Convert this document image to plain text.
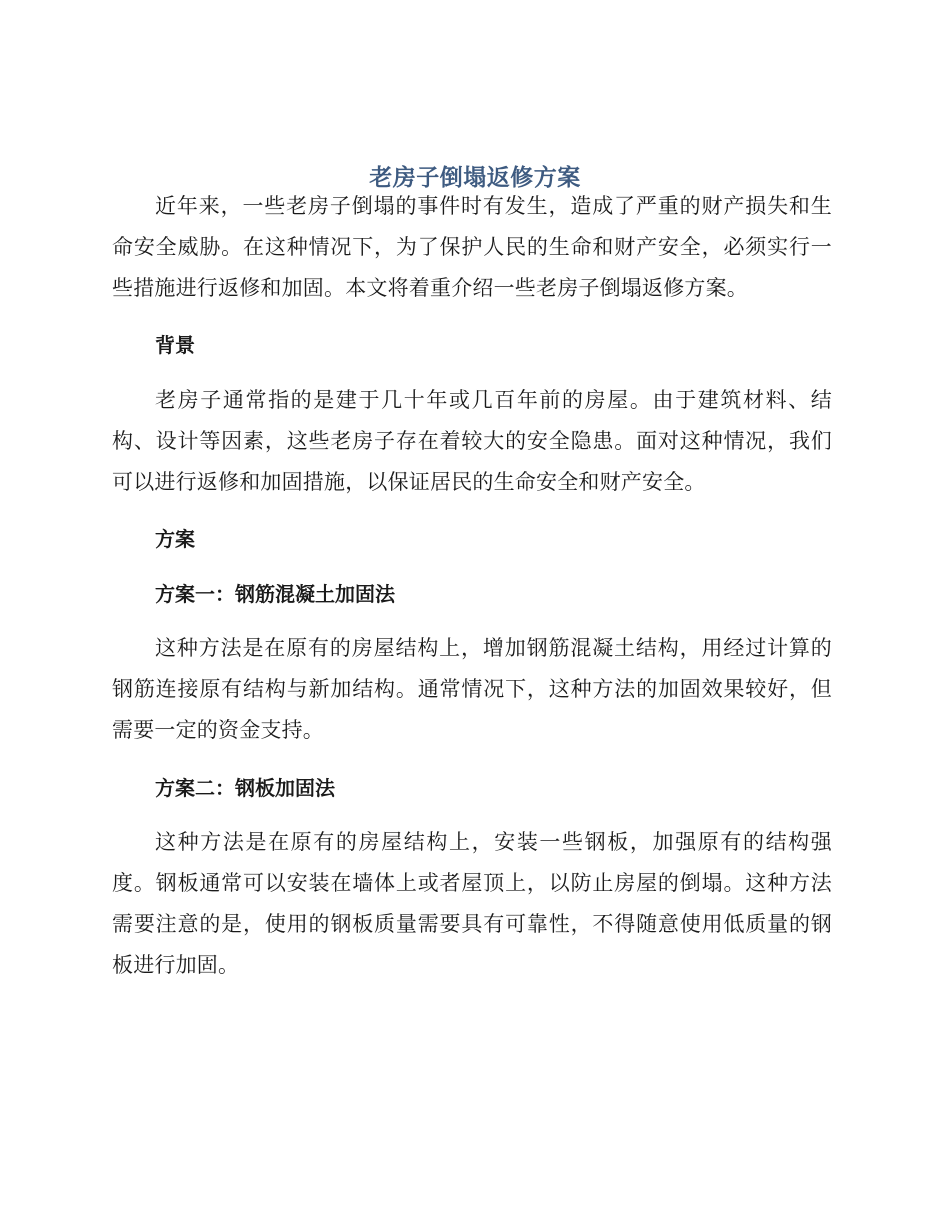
老房子倒塌返修方案

近年来，一些老房子倒塌的事件时有发生，造成了严重的财产损失和生命安全威胁。在这种情况下，为了保护人民的生命和财产安全，必须实行一些措施进行返修和加固。本文将着重介绍一些老房子倒塌返修方案。

背景

老房子通常指的是建于几十年或几百年前的房屋。由于建筑材料、结构、设计等因素，这些老房子存在着较大的安全隐患。面对这种情况，我们可以进行返修和加固措施，以保证居民的生命安全和财产安全。

方案
方案一：钢筋混凝土加固法

这种方法是在原有的房屋结构上，增加钢筋混凝土结构，用经过计算的钢筋连接原有结构与新加结构。通常情况下，这种方法的加固效果较好，但需要一定的资金支持。

方案二：钢板加固法

这种方法是在原有的房屋结构上，安装一些钢板，加强原有的结构强度。钢板通常可以安装在墙体上或者屋顶上，以防止房屋的倒塌。这种方法需要注意的是，使用的钢板质量需要具有可靠性，不得随意使用低质量的钢板进行加固。
